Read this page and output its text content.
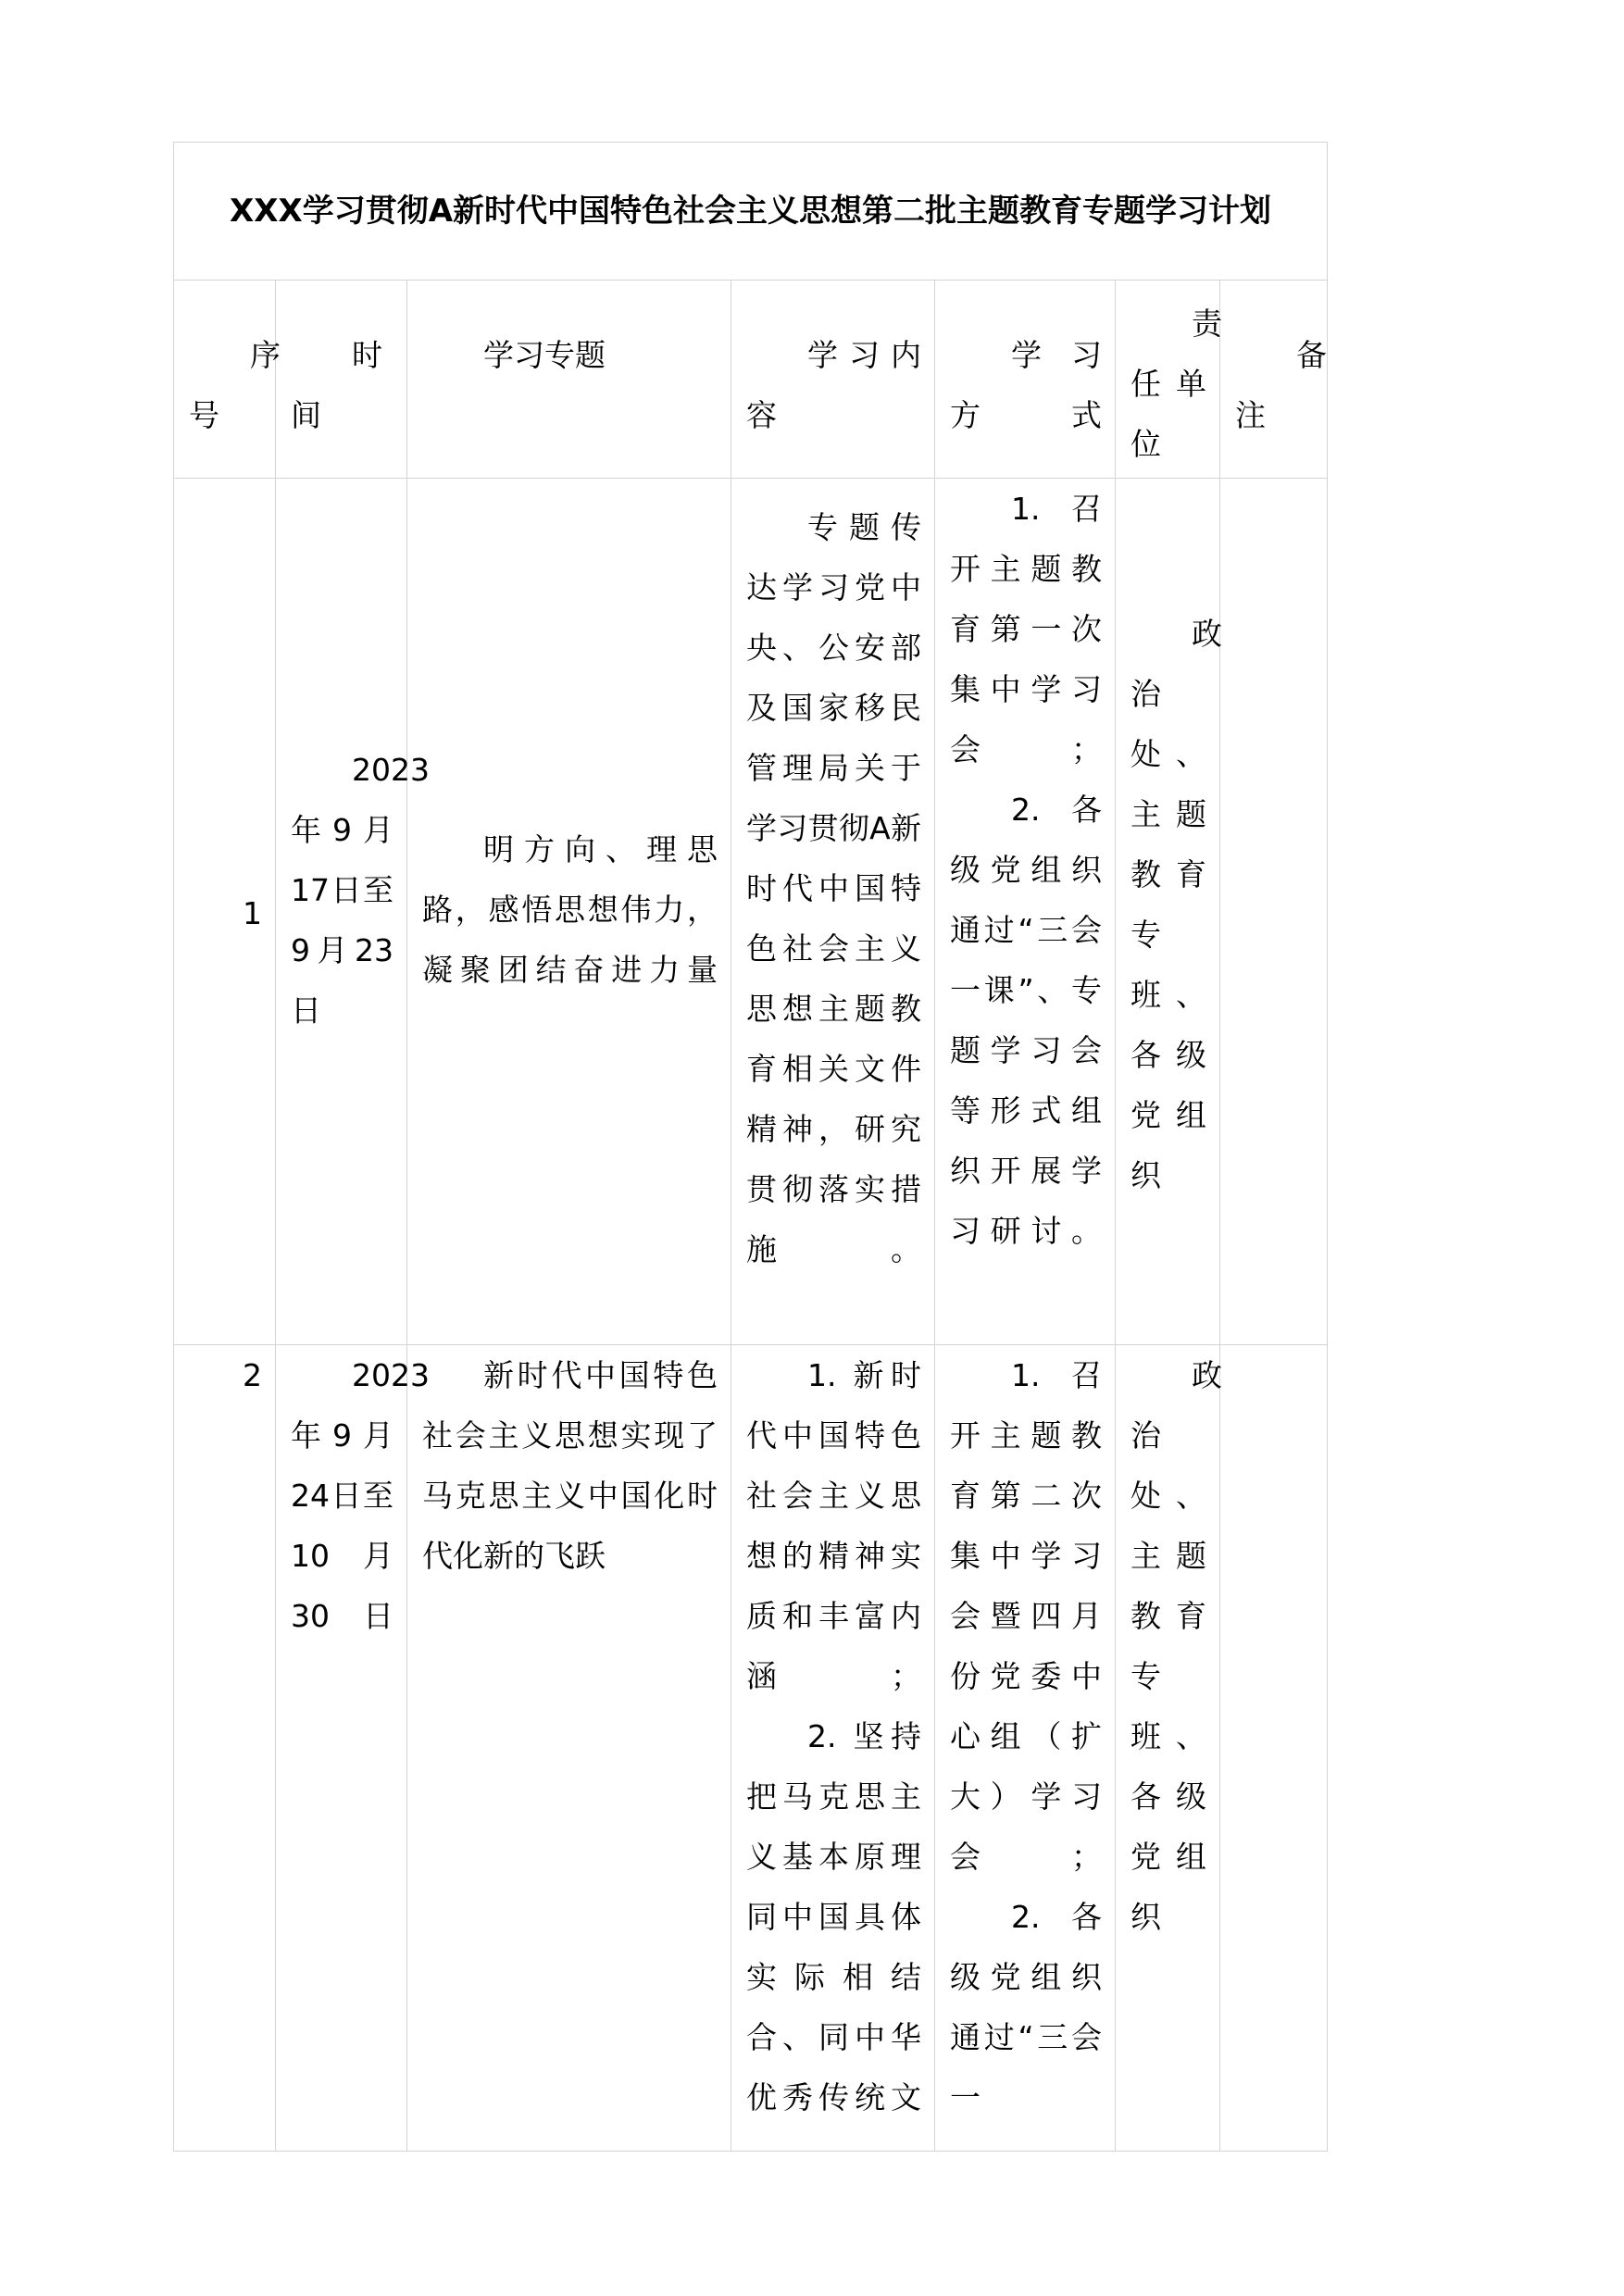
XXX学习贯彻A新时代中国特色社会主义思想第二批主题教育专题学习计划						

序号	时间	学习专题	学习内容	学习方式	责任单位	备注

1	2023年9月17日至9月23日	明方向、理思路，感悟思想伟力，凝聚团结奋进力量	专题传达学习党中央、公安部及国家移民管理局关于学习贯彻A新时代中国特色社会主义思想主题教育相关文件精神，研究贯彻落实措施。	1. 召开主题教育第一次集中学习会；
2. 各级党组织通过“三会一课”、专题学习会等形式组织开展学习研讨。	政治处、主题教育专班、各级党组织	

2	2023年9月24日至10月30日	新时代中国特色社会主义思想实现了马克思主义中国化时代化新的飞跃	1. 新时代中国特色社会主义思想的精神实质和丰富内涵；
2. 坚持把马克思主义基本原理同中国具体实际相结合、同中华优秀传统文	1. 召开主题教育第二次集中学习会暨四月份党委中心组（扩大）学习会；
2. 各级党组织通过“三会一	政治处、主题教育专班、各级党组织	
